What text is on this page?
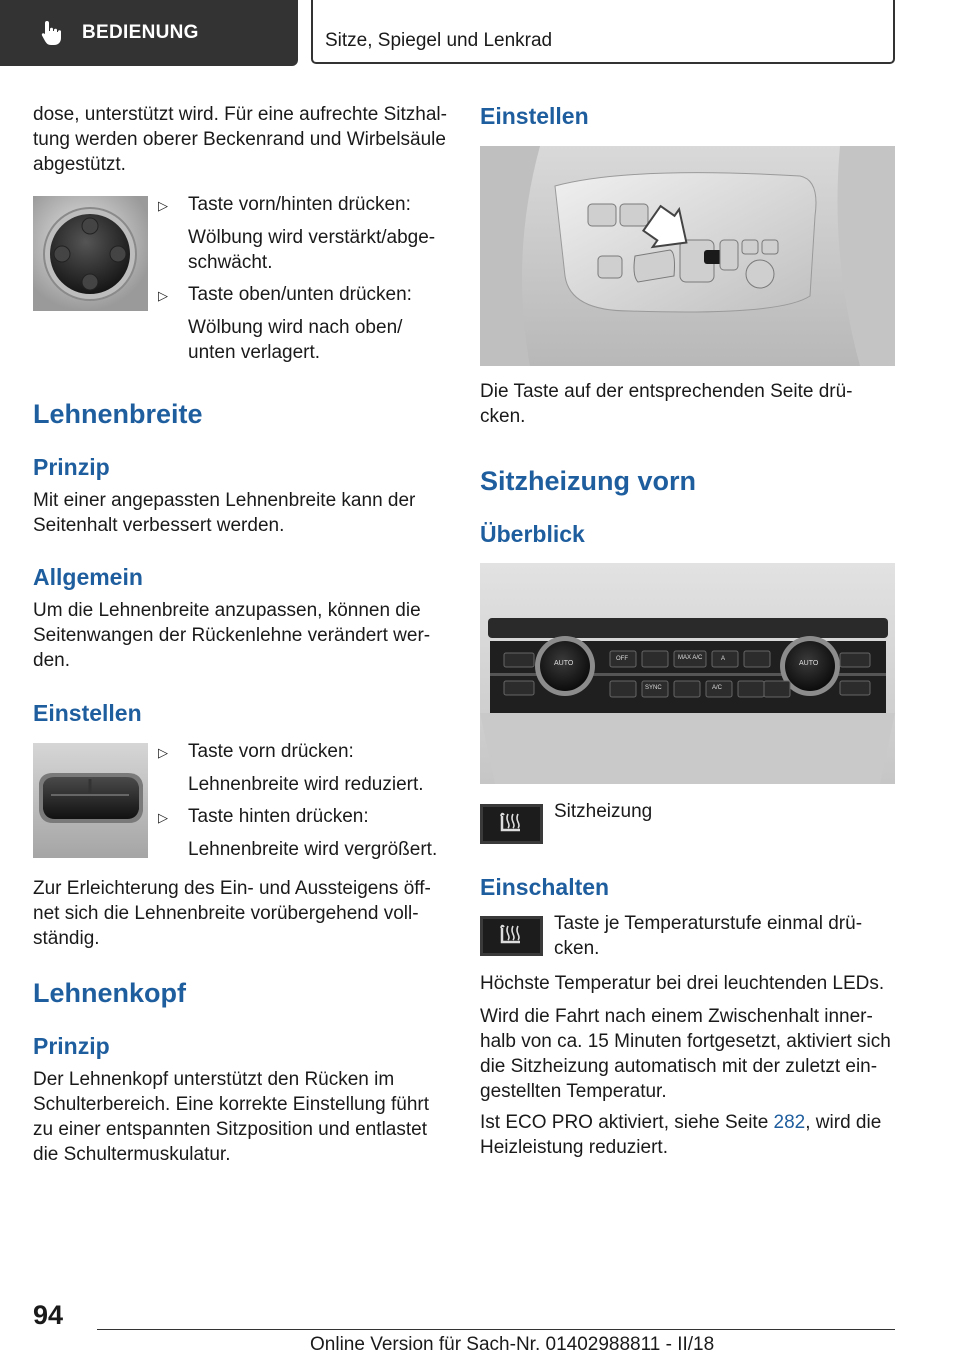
BEDIENUNG	Sitze, Spiegel und Lenkrad

dose, unterstützt wird. Für eine aufrechte Sitzhal-tung werden oberer Beckenrand und Wirbelsäule abgestützt.

▷	Taste vorn/hinten drücken:
Wölbung wird verstärkt/abge-schwächt.
▷	Taste oben/unten drücken:
Wölbung wird nach oben/ unten verlagert.
Lehnenbreite
Prinzip

Mit einer angepassten Lehnenbreite kann der Seitenhalt verbessert werden.

Allgemein

Um die Lehnenbreite anzupassen, können die Seitenwangen der Rückenlehne verändert wer-den.

Einstellen
▷	Taste vorn drücken:
Lehnenbreite wird reduziert.
▷	Taste hinten drücken:
Lehnenbreite wird vergrößert.

Zur Erleichterung des Ein- und Aussteigens öff-net sich die Lehnenbreite vorübergehend voll-ständig.

Lehnenkopf
Prinzip

Der Lehnenkopf unterstützt den Rücken im Schulterbereich. Eine korrekte Einstellung führt zu einer entspannten Sitzposition und entlastet die Schultermuskulatur.

Einstellen

Die Taste auf der entsprechenden Seite drü-cken.

Sitzheizung vorn
Überblick
AUTO	AUTO
OFF	A
MAX A/C
SYNC	A/C

Sitzheizung

Einschalten

Taste je Temperaturstufe einmal drü-cken.

Höchste Temperatur bei drei leuchtenden LEDs.

Wird die Fahrt nach einem Zwischenhalt inner-halb von ca. 15 Minuten fortgesetzt, aktiviert sich die Sitzheizung automatisch mit der zuletzt ein-gestellten Temperatur.

Ist ECO PRO aktiviert, siehe Seite 282, wird die Heizleistung reduziert.

94
Online Version für Sach-Nr. 01402988811 - II/18
